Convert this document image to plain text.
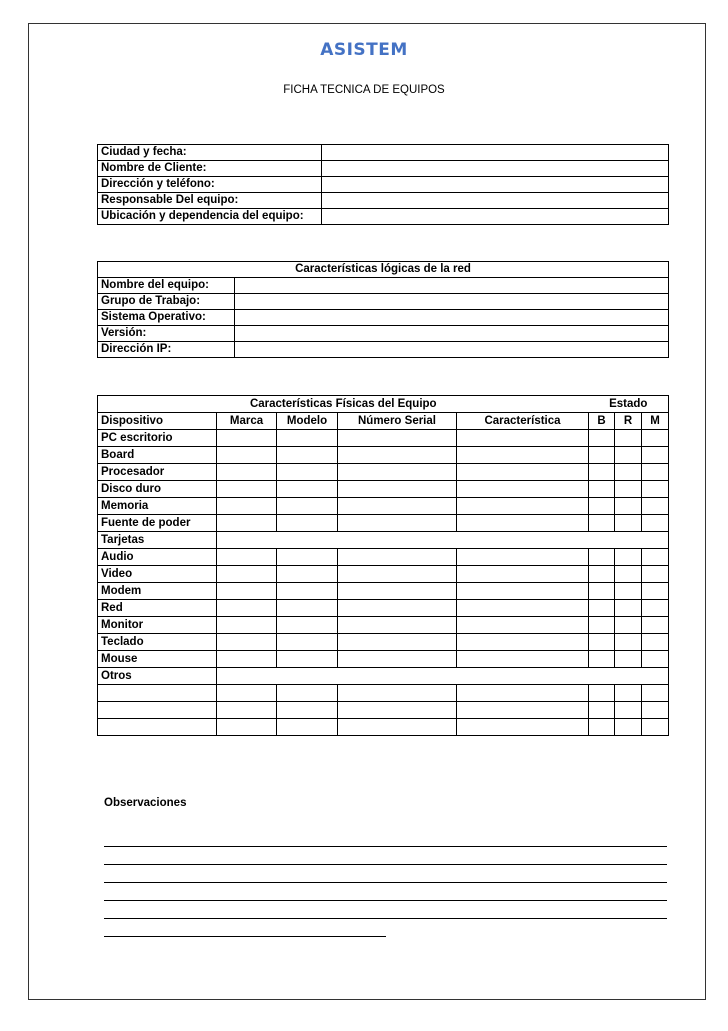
ASISTEM
FICHA TECNICA DE EQUIPOS
Ciudad y fecha:	
Nombre de Cliente:	
Dirección y teléfono:	
Responsable Del equipo:	
Ubicación y dependencia del equipo:	
Características lógicas de la red	
Nombre del equipo:	
Grupo de Trabajo:	
Sistema Operativo:	
Versión:	
Dirección IP:	
Características Físicas del Equipo					Estado		
Dispositivo	Marca	Modelo	Número Serial	Característica	B	R	M
PC escritorio							
Board							
Procesador							
Disco duro							
Memoria							
Fuente de poder							
Tarjetas							
Audio							
Video							
Modem							
Red							
Monitor							
Teclado							
Mouse							
Otros							

Observaciones
